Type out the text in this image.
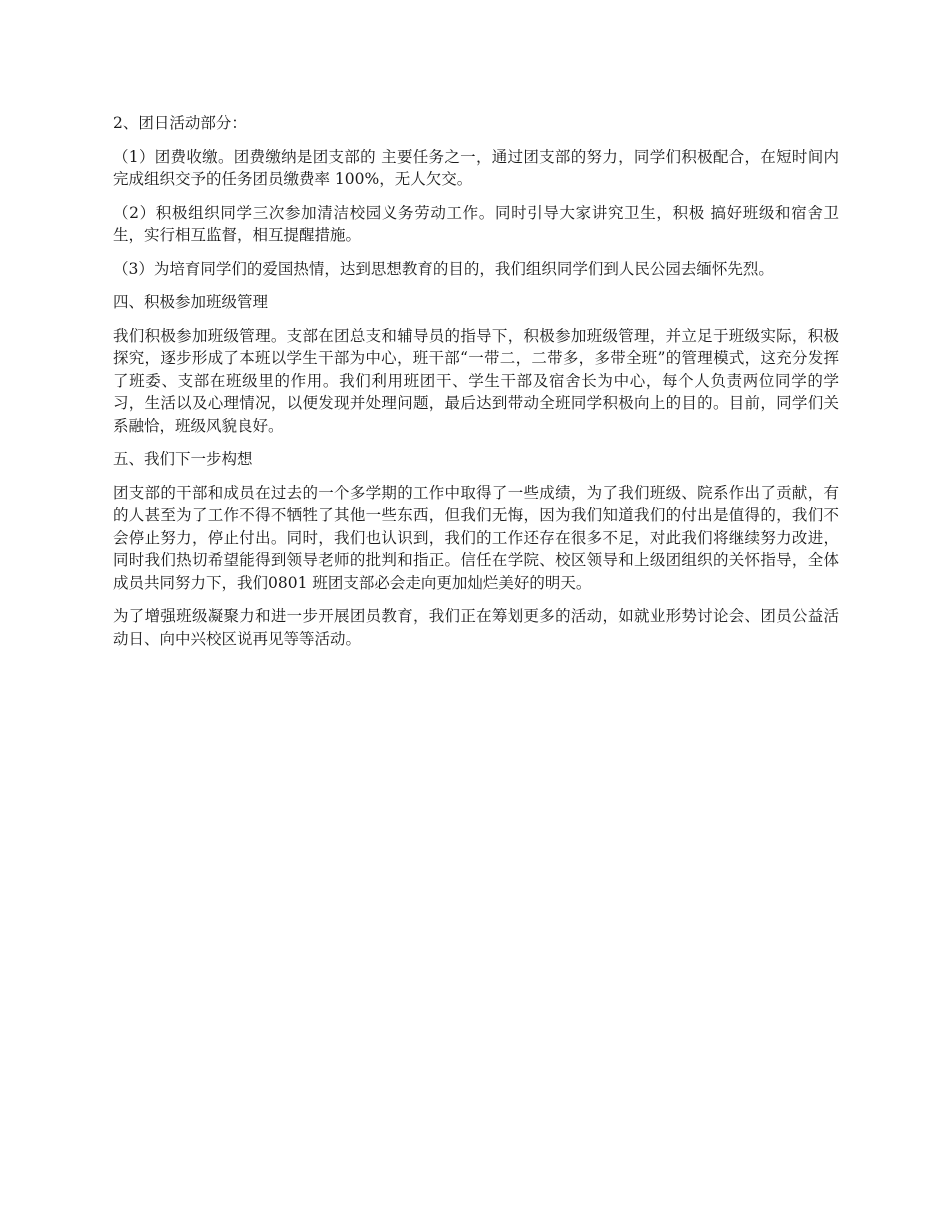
2、团日活动部分：

（1）团费收缴。团费缴纳是团支部的 主要任务之一，通过团支部的努力，同学们积极配合，在短时间内完成组织交予的任务团员缴费率 100%，无人欠交。

（2）积极组织同学三次参加清洁校园义务劳动工作。同时引导大家讲究卫生，积极 搞好班级和宿舍卫生，实行相互监督，相互提醒措施。

（3）为培育同学们的爱国热情，达到思想教育的目的，我们组织同学们到人民公园去缅怀先烈。

四、积极参加班级管理

我们积极参加班级管理。支部在团总支和辅导员的指导下，积极参加班级管理，并立足于班级实际，积极探究，逐步形成了本班以学生干部为中心，班干部“一带二，二带多，多带全班”的管理模式，这充分发挥了班委、支部在班级里的作用。我们利用班团干、学生干部及宿舍长为中心，每个人负责两位同学的学习，生活以及心理情况，以便发现并处理问题，最后达到带动全班同学积极向上的目的。目前，同学们关系融恰，班级风貌良好。

五、我们下一步构想

团支部的干部和成员在过去的一个多学期的工作中取得了一些成绩，为了我们班级、院系作出了贡献，有的人甚至为了工作不得不牺牲了其他一些东西，但我们无悔，因为我们知道我们的付出是值得的，我们不会停止努力，停止付出。同时，我们也认识到，我们的工作还存在很多不足，对此我们将继续努力改进，同时我们热切希望能得到领导老师的批判和指正。信任在学院、校区领导和上级团组织的关怀指导，全体成员共同努力下，我们0801 班团支部必会走向更加灿烂美好的明天。

为了增强班级凝聚力和进一步开展团员教育，我们正在筹划更多的活动，如就业形势讨论会、团员公益活动日、向中兴校区说再见等等活动。
